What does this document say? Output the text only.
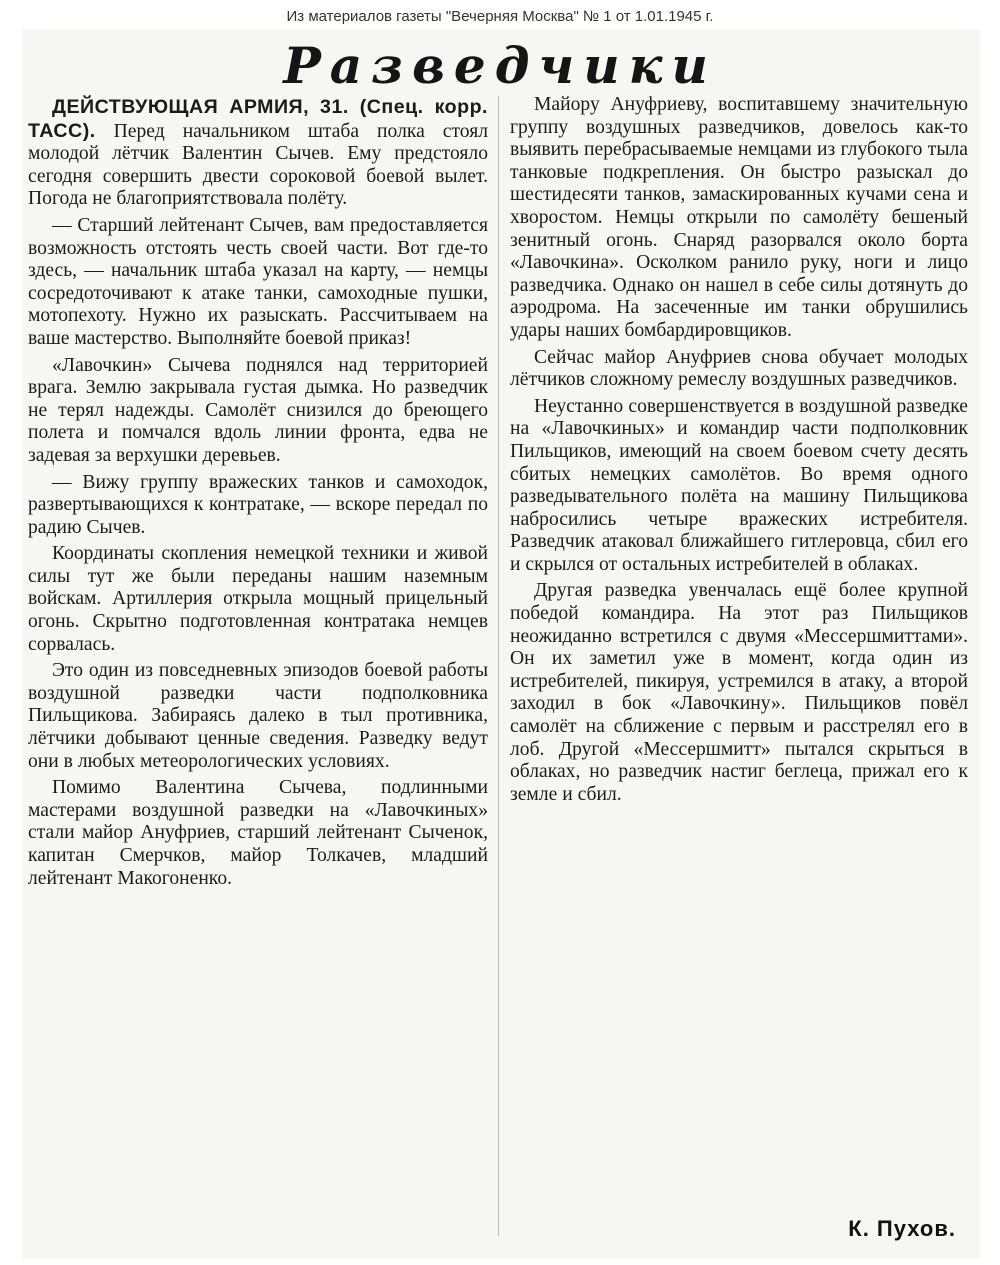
Из материалов газеты "Вечерняя Москва" № 1 от 1.01.1945 г.
Разведчики

ДЕЙСТВУЮЩАЯ АРМИЯ, 31. (Спец. корр. ТАСС). Перед начальником штаба полка стоял молодой лётчик Валентин Сычев. Ему предстояло сегодня совершить двести сороковой боевой вылет. Погода не благоприятствовала полёту.

— Старший лейтенант Сычев, вам предоставляется возможность отстоять честь своей части. Вот где-то здесь, — начальник штаба указал на карту, — немцы сосредоточивают к атаке танки, самоходные пушки, мотопехоту. Нужно их разыскать. Рассчитываем на ваше мастерство. Выполняйте боевой приказ!

«Лавочкин» Сычева поднялся над территорией врага. Землю закрывала густая дымка. Но разведчик не терял надежды. Самолёт снизился до бреющего полета и помчался вдоль линии фронта, едва не задевая за верхушки деревьев.

— Вижу группу вражеских танков и самоходок, развертывающихся к контратаке, — вскоре передал по радию Сычев.

Координаты скопления немецкой техники и живой силы тут же были переданы нашим наземным войскам. Артиллерия открыла мощный прицельный огонь. Скрытно подготовленная контратака немцев сорвалась.

Это один из повседневных эпизодов боевой работы воздушной разведки части подполковника Пильщикова. Забираясь далеко в тыл противника, лётчики добывают ценные сведения. Разведку ведут они в любых метеорологических условиях.

Помимо Валентина Сычева, подлинными мастерами воздушной разведки на «Лавочкиных» стали майор Ануфриев, старший лейтенант Сыченок, капитан Смерчков, майор Толкачев, младший лейтенант Макогоненко.

Майору Ануфриеву, воспитавшему значительную группу воздушных разведчиков, довелось как-то выявить перебрасываемые немцами из глубокого тыла танковые подкрепления. Он быстро разыскал до шестидесяти танков, замаскированных кучами сена и хворостом. Немцы открыли по самолёту бешеный зенитный огонь. Снаряд разорвался около борта «Лавочкина». Осколком ранило руку, ноги и лицо разведчика. Однако он нашел в себе силы дотянуть до аэродрома. На засеченные им танки обрушились удары наших бомбардировщиков.

Сейчас майор Ануфриев снова обучает молодых лётчиков сложному ремеслу воздушных разведчиков.

Неустанно совершенствуется в воздушной разведке на «Лавочкиных» и командир части подполковник Пильщиков, имеющий на своем боевом счету десять сбитых немецких самолётов. Во время одного разведывательного полёта на машину Пильщикова набросились четыре вражеских истребителя. Разведчик атаковал ближайшего гитлеровца, сбил его и скрылся от остальных истребителей в облаках.

Другая разведка увенчалась ещё более крупной победой командира. На этот раз Пильщиков неожиданно встретился с двумя «Мессершмиттами». Он их заметил уже в момент, когда один из истребителей, пикируя, устремился в атаку, а второй заходил в бок «Лавочкину». Пильщиков повёл самолёт на сближение с первым и расстрелял его в лоб. Другой «Мессершмитт» пытался скрыться в облаках, но разведчик настиг беглеца, прижал его к земле и сбил.

К. Пухов.
